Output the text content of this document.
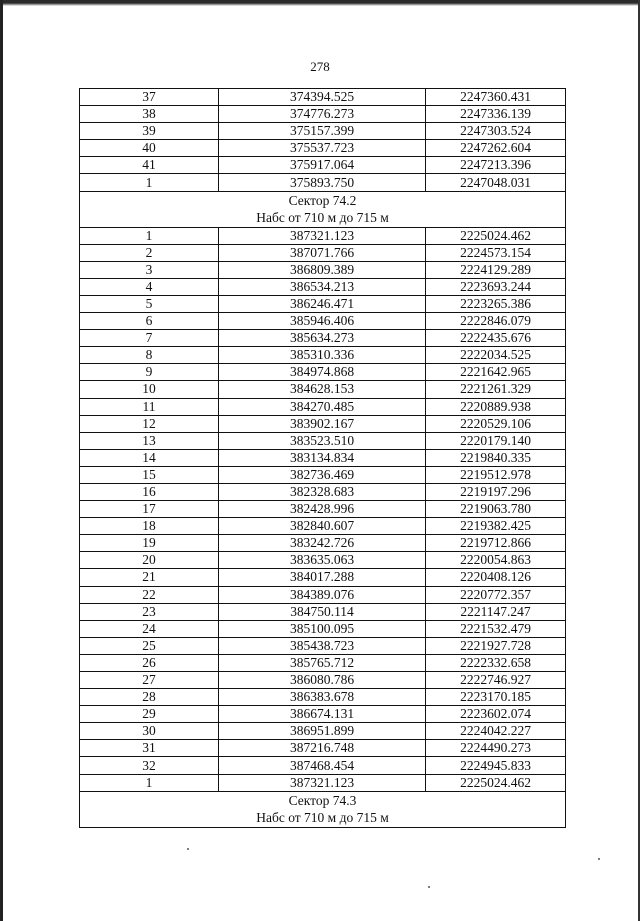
278
37	374394.525	2247360.431
38	374776.273	2247336.139
39	375157.399	2247303.524
40	375537.723	2247262.604
41	375917.064	2247213.396
1	375893.750	2247048.031

Сектор 74.2
Набс от 710 м до 715 м		

1	387321.123	2225024.462
2	387071.766	2224573.154
3	386809.389	2224129.289
4	386534.213	2223693.244
5	386246.471	2223265.386
6	385946.406	2222846.079
7	385634.273	2222435.676
8	385310.336	2222034.525
9	384974.868	2221642.965
10	384628.153	2221261.329
11	384270.485	2220889.938
12	383902.167	2220529.106
13	383523.510	2220179.140
14	383134.834	2219840.335
15	382736.469	2219512.978
16	382328.683	2219197.296
17	382428.996	2219063.780
18	382840.607	2219382.425
19	383242.726	2219712.866
20	383635.063	2220054.863
21	384017.288	2220408.126
22	384389.076	2220772.357
23	384750.114	2221147.247
24	385100.095	2221532.479
25	385438.723	2221927.728
26	385765.712	2222332.658
27	386080.786	2222746.927
28	386383.678	2223170.185
29	386674.131	2223602.074
30	386951.899	2224042.227
31	387216.748	2224490.273
32	387468.454	2224945.833
1	387321.123	2225024.462

Сектор 74.3
Набс от 710 м до 715 м		
